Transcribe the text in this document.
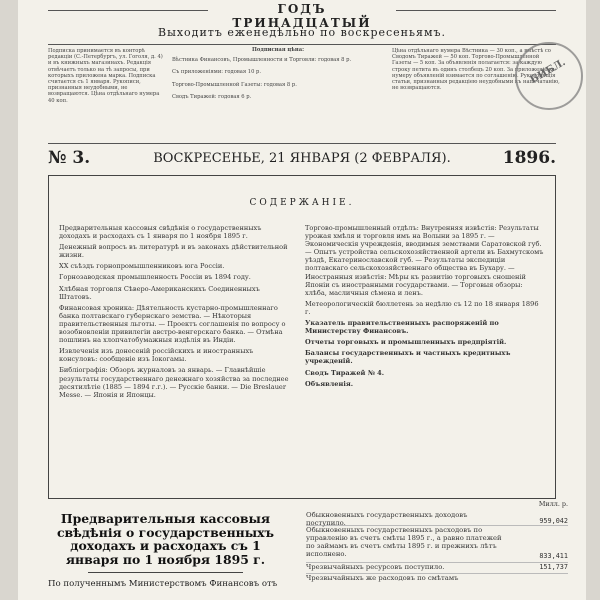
ГОДЪ ТРИНАДЦАТЫЙ
Выходитъ еженедѣльно по воскресеньямъ.
Подписка принимается въ конторѣ редакціи (С.-Петербургъ, ул. Гоголя, д. 4) и въ книжныхъ магазинахъ. Редакція отвѣчаетъ только на тѣ запросы, при которыхъ приложена марка. Подписка считается съ 1 января. Рукописи, признанныя неудобными, не возвращаются. Цѣна отдѣльнаго нумера 40 коп.
Подписная цѣна:
Вѣстника Финансовъ, Промышленности и Торговли: годовая 8 р.
Съ приложеніями: годовая 10 р.
Торгово-Промышленной Газеты: годовая 8 р.
Сводъ Тиражей: годовая 6 р.
Цѣна отдѣльнаго нумера Вѣстника — 30 коп., а вмѣстѣ со Сводомъ Тиражей — 50 коп. Торгово-Промышленной Газеты — 5 коп. За объявленія полагается: за каждую строку петита въ одинъ столбецъ 20 коп. За приложеніе къ нумеру объявленій взимается по соглашенію. Руководящія статьи, признанныя редакціею неудобными къ напечатанію, не возвращаются.
БИБЛ.
№ 3.	ВОСКРЕСЕНЬЕ, 21 ЯНВАРЯ (2 ФЕВРАЛЯ).	1896.
СОДЕРЖАНІЕ.

Предварительныя кассовыя свѣдѣнія о государственныхъ доходахъ и расходахъ съ 1 января по 1 ноября 1895 г.

Денежный вопросъ въ литературѣ и въ законахъ дѣйствительной жизни.

XX съѣздъ горнопромышленниковъ юга Россіи.

Горнозаводская промышленность Россіи въ 1894 году.

Хлѣбная торговля Сѣверо-Американскихъ Соединенныхъ Штатовъ.

Финансовая хроника: Дѣятельность кустарно-промышленнаго банка полтавскаго губернскаго земства. — Нѣкоторыя правительственныя льготы. — Проектъ соглашенія по вопросу о возобновленіи привилегіи австро-венгерскаго банка. — Отмѣна пошлинъ на хлопчатобумажныя издѣлія въ Индіи.

Извлеченія изъ донесеній россійскихъ и иностранныхъ консуловъ: сообщеніе изъ Іокогамы.

Библіографія: Обзоръ журналовъ за январь. — Главнѣйшіе результаты государственнаго денежнаго хозяйства за последнее десятилѣтіе (1885 — 1894 г.г.). — Русскіе банки. — Die Breslauer Messe. — Японія и Японцы.

Торгово-промышленный отдѣлъ: Внутренняя извѣстія: Результаты урожая хмѣля и торговля имъ на Волыни за 1895 г. — Экономическія учрежденія, вводимыя земствами Саратовской губ. — Опытъ устройства сельскохозяйственной артели въ Бахмутскомъ уѣздѣ, Екатеринославской губ. — Результаты экспедиціи полтавскаго сельскохозяйственнаго общества въ Бухару. — Иностранныя извѣстія: Мѣры къ развитію торговыхъ сношеній Японіи съ иностранными государствами. — Торговыя обзоры: хлѣба, масличныя сѣмена и ленъ.

Метеорологическій бюллетень за недѣлю съ 12 по 18 января 1896 г.

Указатель правительственныхъ распоряженій по Министерству Финансовъ.

Отчеты торговыхъ и промышленныхъ предпріятій.

Балансы государственныхъ и частныхъ кредитныхъ учрежденій.

Сводъ Тиражей № 4.

Объявленія.

Предварительныя кассовыя свѣдѣнія о государственныхъ доходахъ и расходахъ съ 1 января по 1 ноября 1895 г.
По полученнымъ Министерствомъ Финансовъ отъ
Милл. р.
Обыкновенныхъ государственныхъ доходовъ поступило.	959,042
Обыкновенныхъ государственныхъ расходовъ по управленію въ счетъ смѣты 1895 г., а равно платежей по займамъ въ счетъ смѣты 1895 г. и прежнихъ лѣтъ исполнено.	833,411
Чрезвычайныхъ ресурсовъ поступило.	151,737
Чрезвычайныхъ же расходовъ по смѣтамъ
